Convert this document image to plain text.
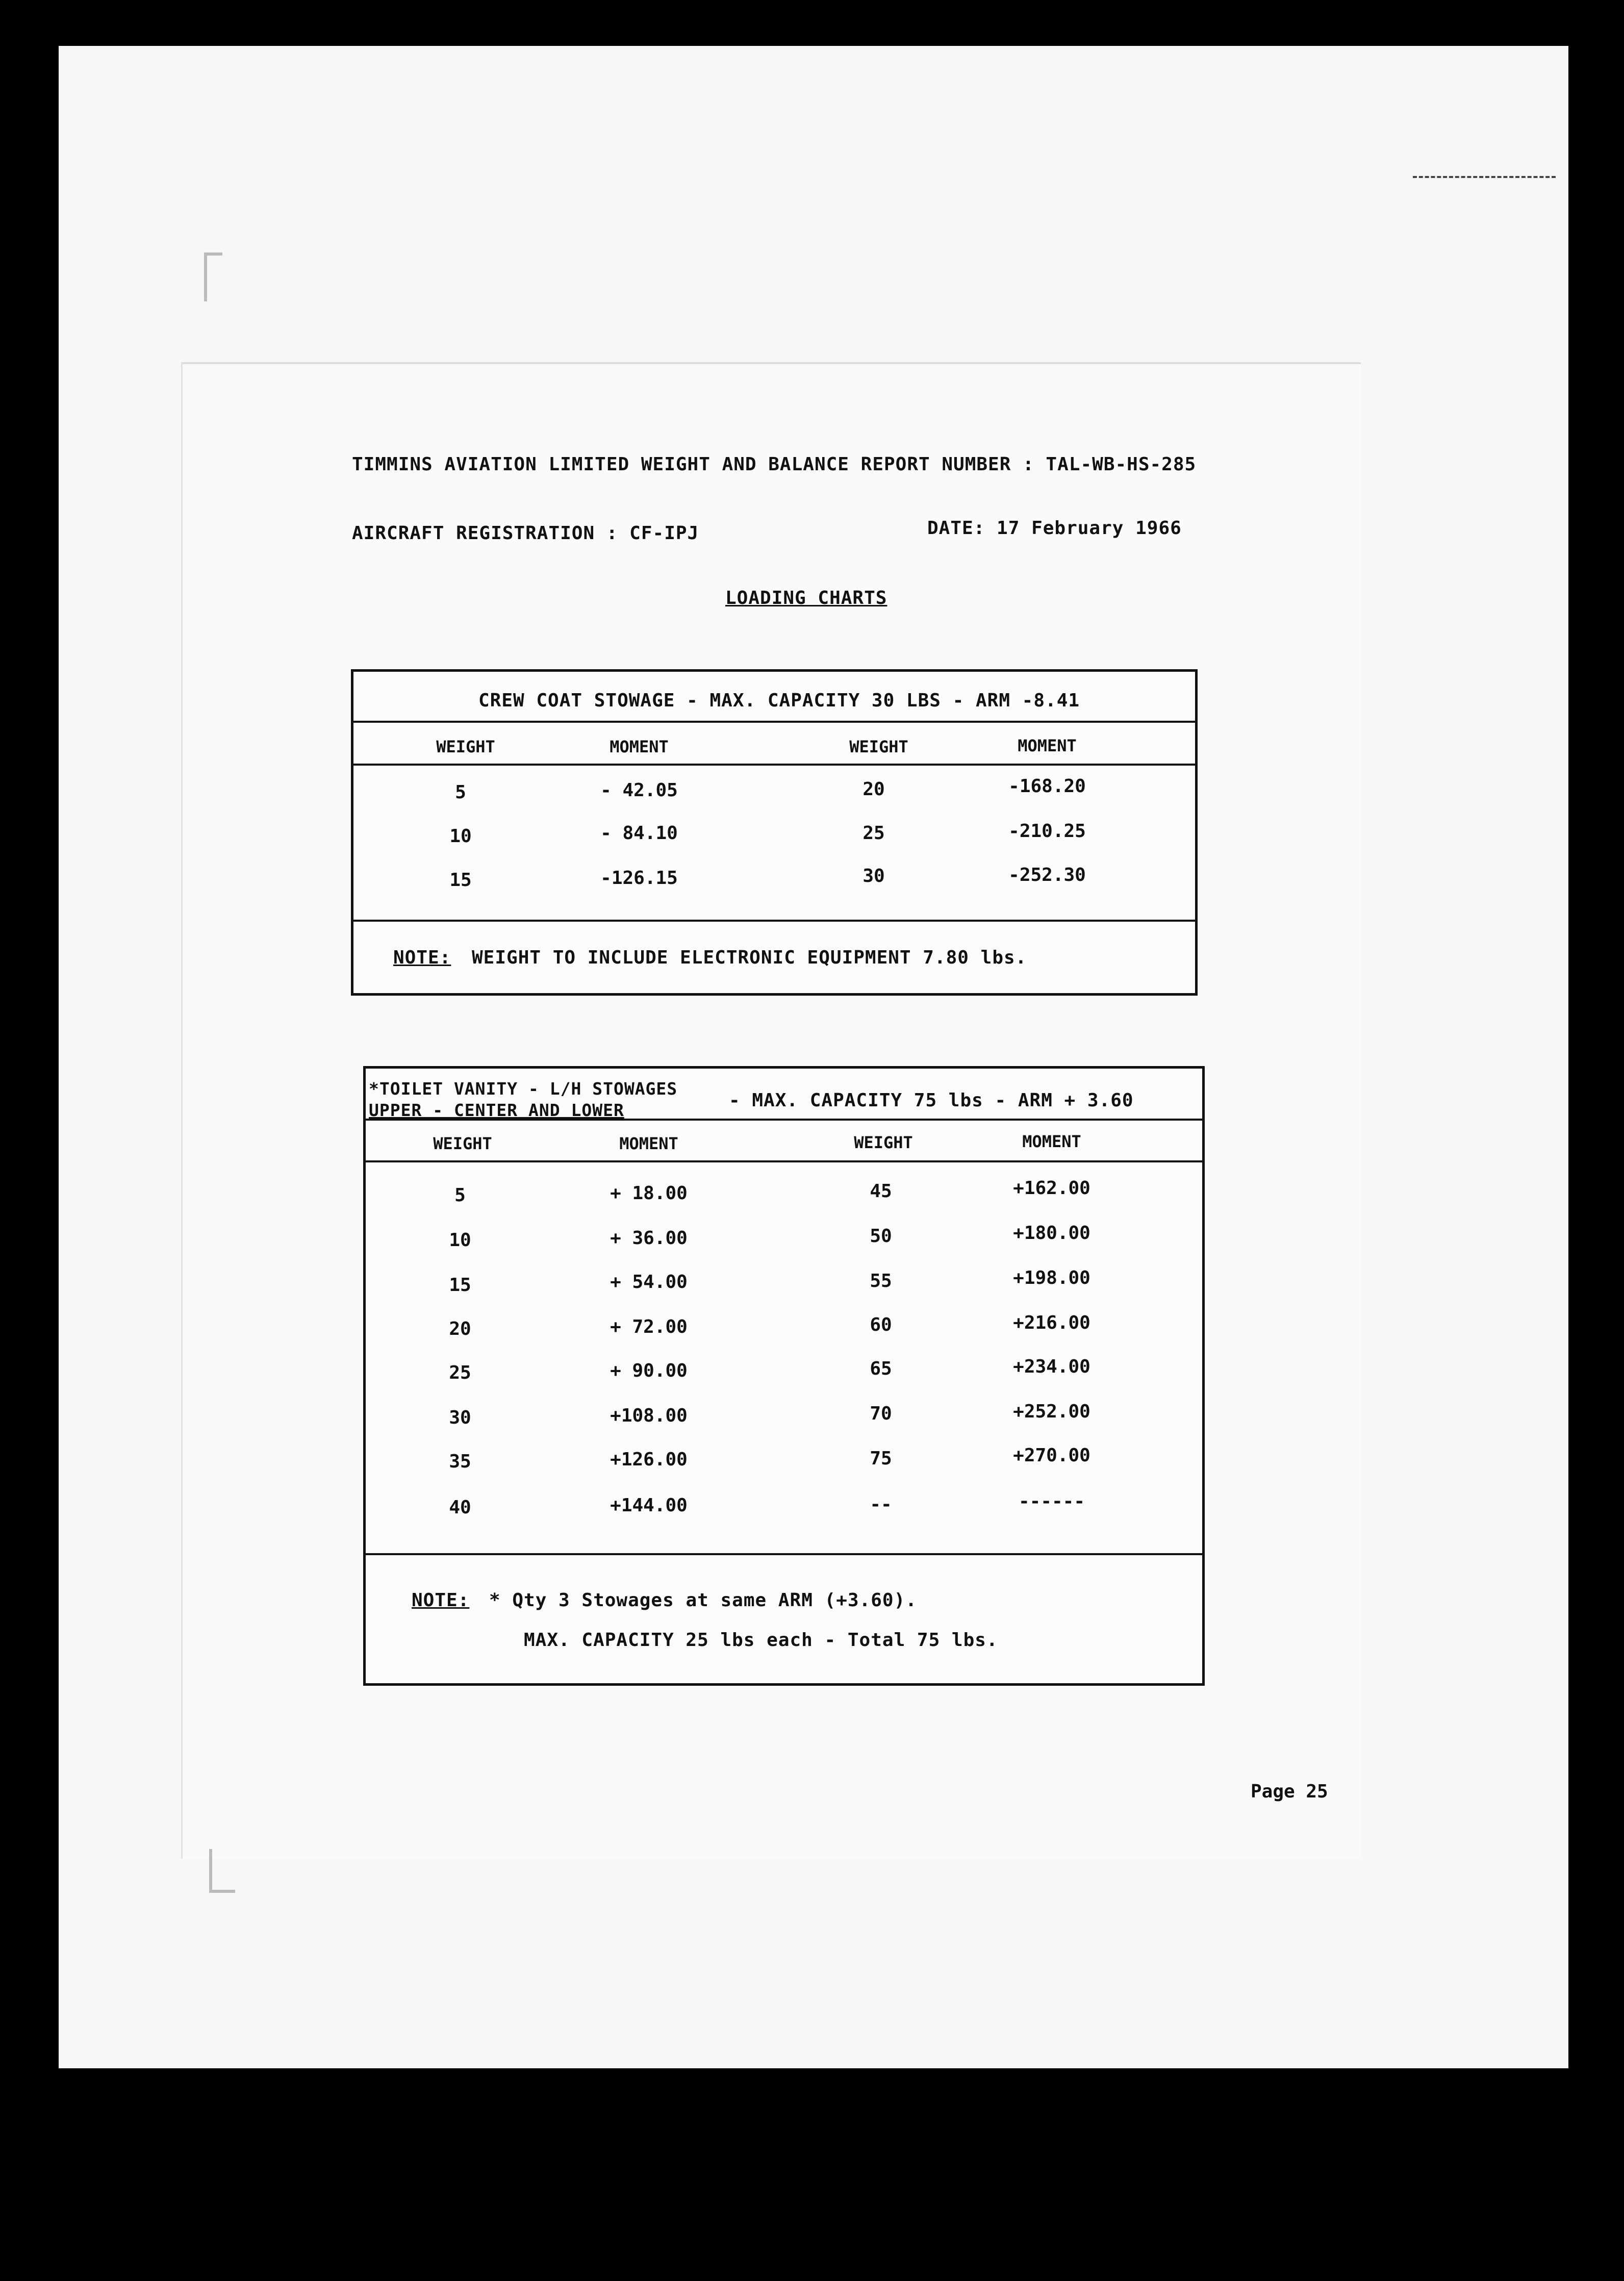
TIMMINS AVIATION LIMITED WEIGHT AND BALANCE REPORT NUMBER : TAL-WB-HS-285
AIRCRAFT REGISTRATION : CF-IPJ	DATE: 17 February 1966
LOADING CHARTS
CREW COAT STOWAGE - MAX. CAPACITY 30 LBS - ARM -8.41
WEIGHT	MOMENT	WEIGHT	MOMENT
5	- 42.05	20	-168.20
10	- 84.10	25	-210.25
15	-126.15	30	-252.30
NOTE: WEIGHT TO INCLUDE ELECTRONIC EQUIPMENT 7.80 lbs.
*TOILET VANITY - L/H STOWAGES
UPPER - CENTER AND LOWER	- MAX. CAPACITY 75 lbs - ARM + 3.60
WEIGHT	MOMENT	WEIGHT	MOMENT
5	+ 18.00	45	+162.00
10	+ 36.00	50	+180.00
15	+ 54.00	55	+198.00
20	+ 72.00	60	+216.00
25	+ 90.00	65	+234.00
30	+108.00	70	+252.00
35	+126.00	75	+270.00
40	+144.00	--	------
NOTE: * Qty 3 Stowages at same ARM (+3.60).
MAX. CAPACITY 25 lbs each - Total 75 lbs.
Page 25
